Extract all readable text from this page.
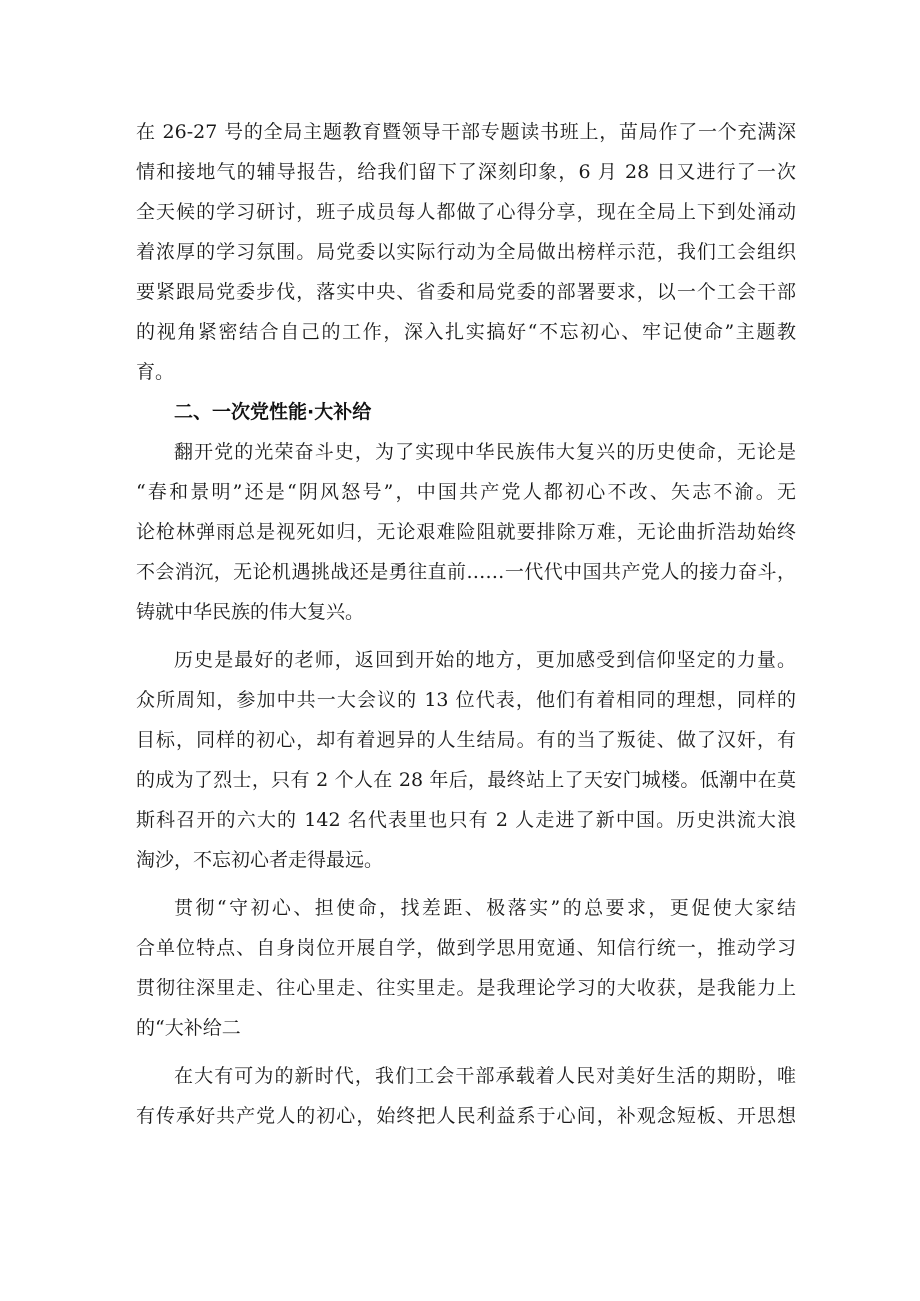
在 26-27 号的全局主题教育暨领导干部专题读书班上，苗局作了一个充满深
情和接地气的辅导报告，给我们留下了深刻印象，6 月 28 日又进行了一次
全天候的学习研讨，班子成员每人都做了心得分享，现在全局上下到处涌动
着浓厚的学习氛围。局党委以实际行动为全局做出榜样示范，我们工会组织
要紧跟局党委步伐，落实中央、省委和局党委的部署要求，以一个工会干部
的视角紧密结合自己的工作，深入扎实搞好“不忘初心、牢记使命”主题教
育。
二、一次党性能·大补给
翻开党的光荣奋斗史，为了实现中华民族伟大复兴的历史使命，无论是
“春和景明”还是“阴风怒号”，中国共产党人都初心不改、矢志不渝。无
论枪林弹雨总是视死如归，无论艰难险阻就要排除万难，无论曲折浩劫始终
不会消沉，无论机遇挑战还是勇往直前……一代代中国共产党人的接力奋斗，
铸就中华民族的伟大复兴。
历史是最好的老师，返回到开始的地方，更加感受到信仰坚定的力量。
众所周知，参加中共一大会议的 13 位代表，他们有着相同的理想，同样的
目标，同样的初心，却有着迥异的人生结局。有的当了叛徒、做了汉奸，有
的成为了烈士，只有 2 个人在 28 年后，最终站上了天安门城楼。低潮中在莫
斯科召开的六大的 142 名代表里也只有 2 人走进了新中国。历史洪流大浪
淘沙，不忘初心者走得最远。
贯彻“守初心、担使命，找差距、极落实”的总要求，更促使大家结
合单位特点、自身岗位开展自学，做到学思用宽通、知信行统一，推动学习
贯彻往深里走、往心里走、往实里走。是我理论学习的大收获，是我能力上
的“大补给二
在大有可为的新时代，我们工会干部承载着人民对美好生活的期盼，唯
有传承好共产党人的初心，始终把人民利益系于心间，补观念短板、开思想
